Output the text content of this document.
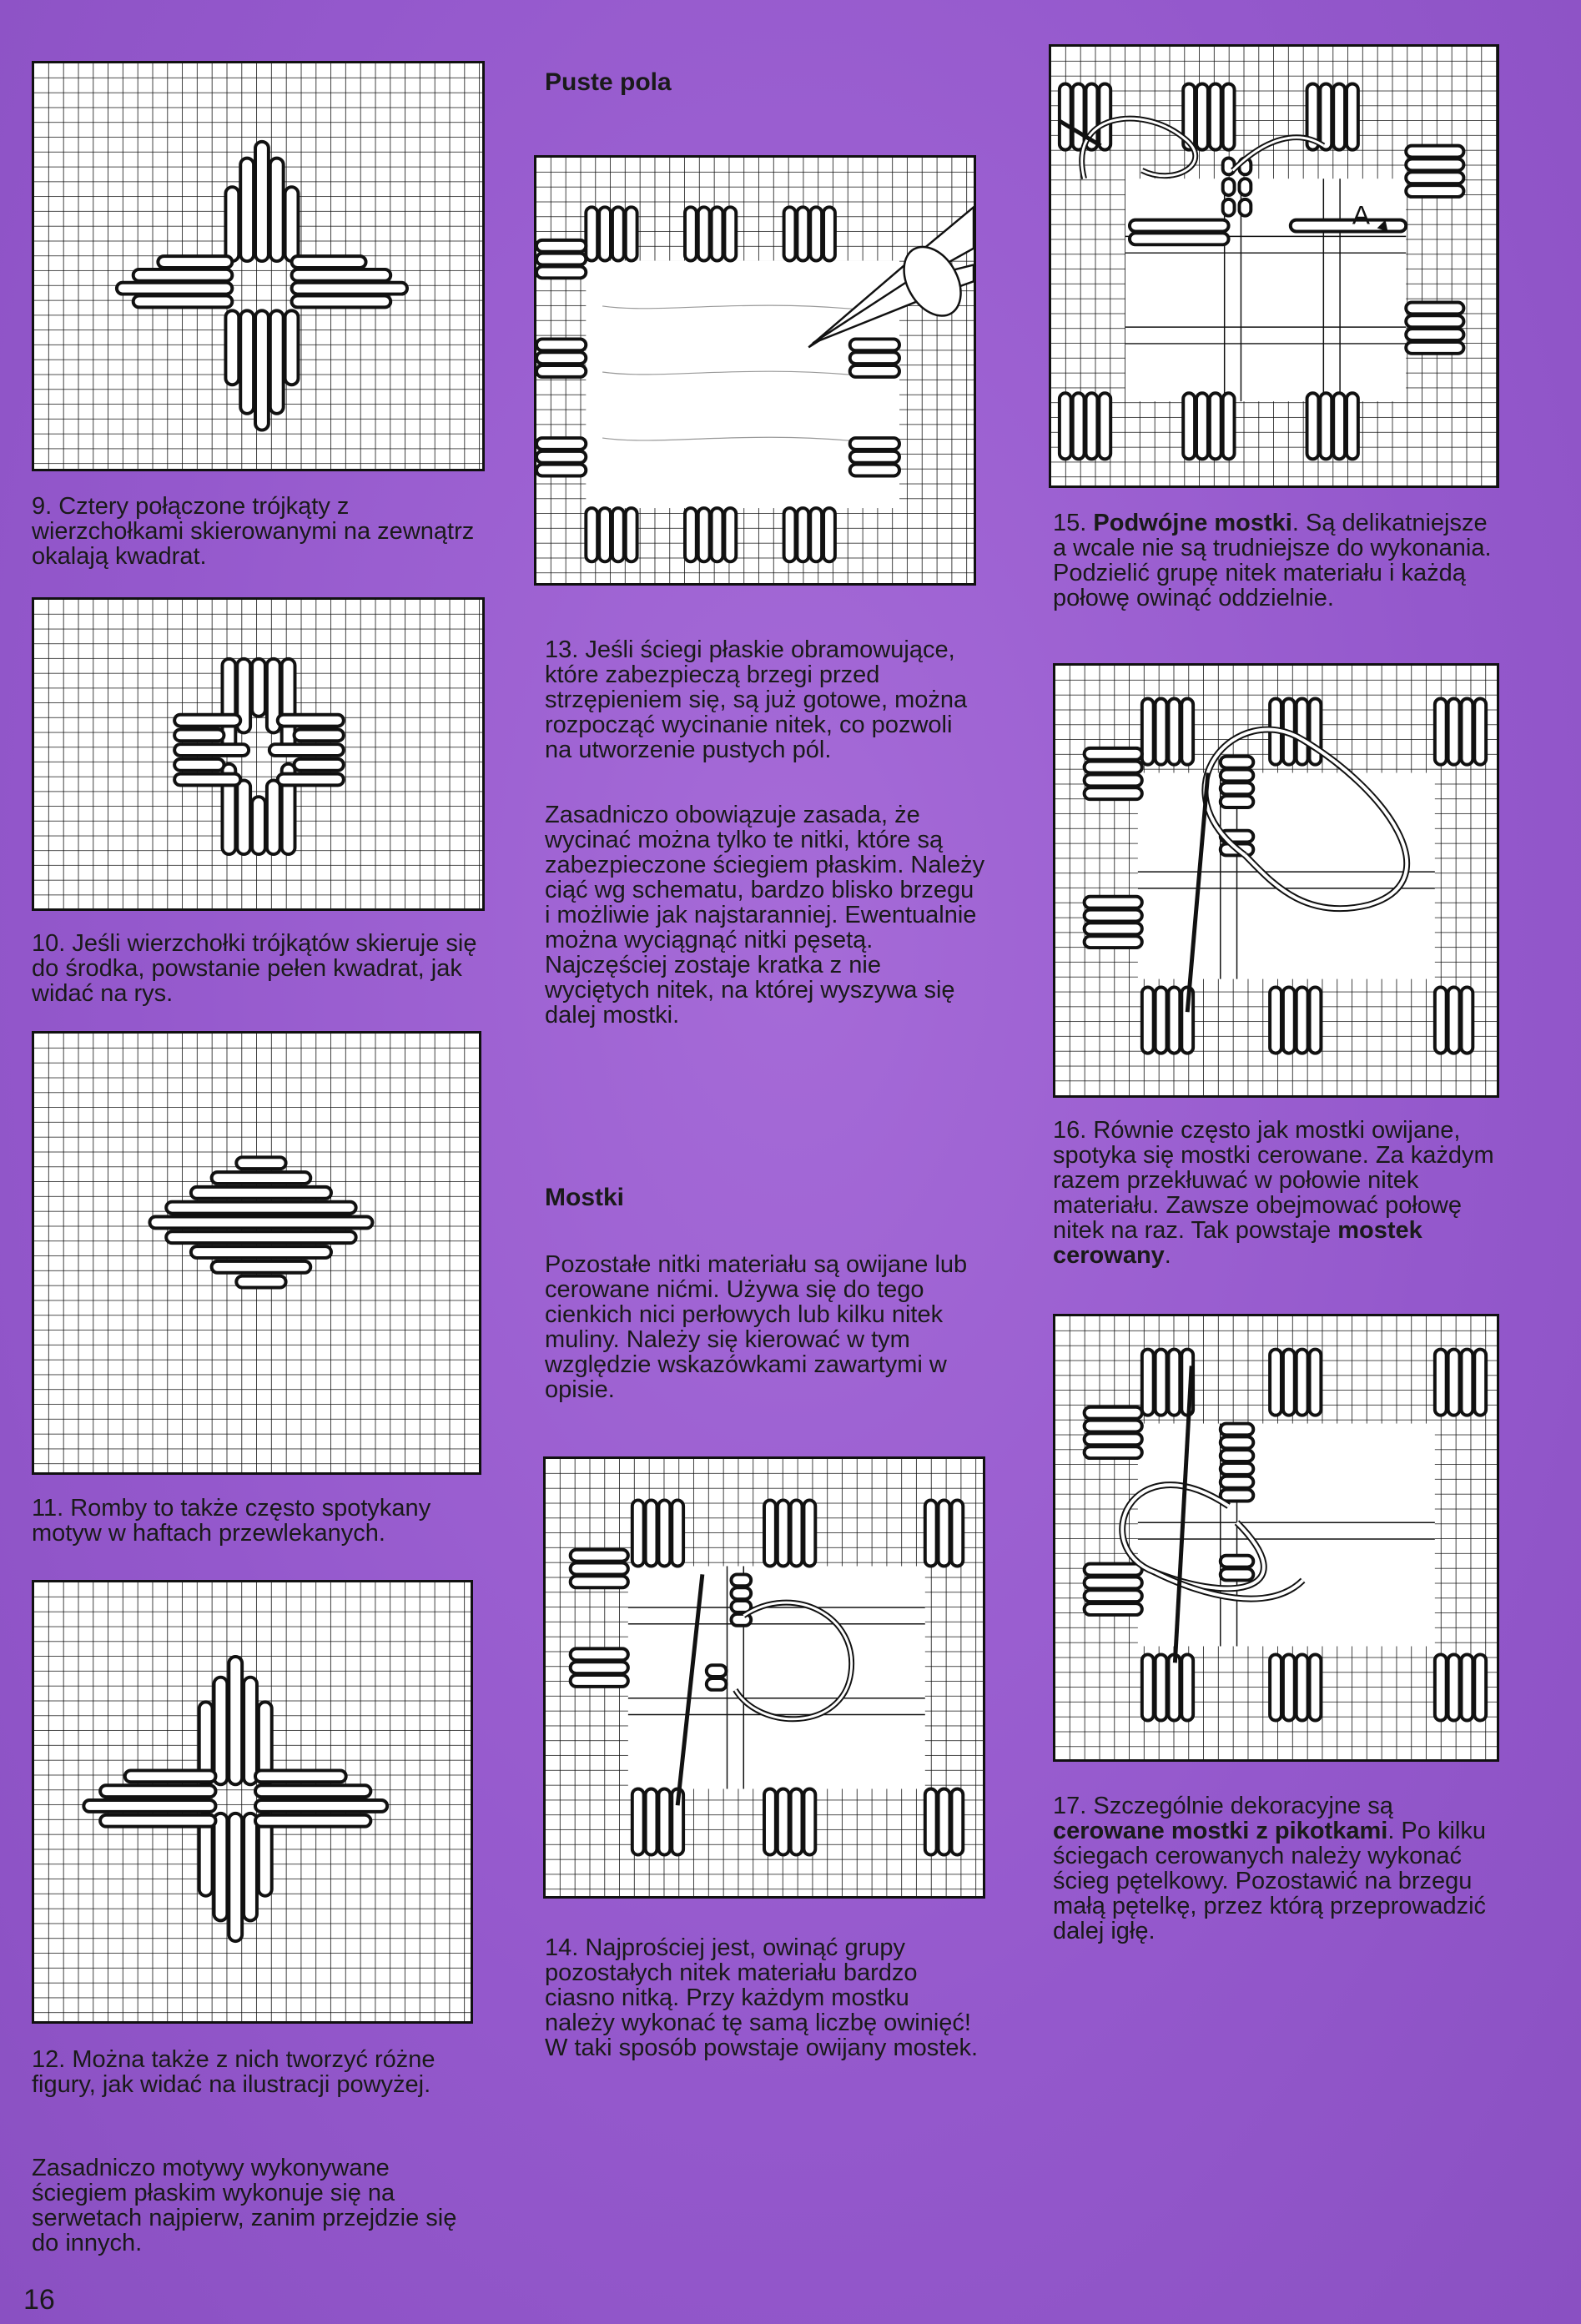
9. Cztery połączone trójkąty z wierzchołkami skierowanymi na zewnątrz okalają kwadrat.

10. Jeśli wierzchołki trójkątów skieruje się do środka, powstanie pełen kwadrat, jak widać na rys.

11. Romby to także często spotykany motyw w haftach przewlekanych.

12. Można także z nich tworzyć różne figury, jak widać na ilustracji powyżej.

Zasadniczo motywy wykonywane ściegiem płaskim wykonuje się na serwetach najpierw, zanim przejdzie się do innych.

16

Puste pola

13. Jeśli ściegi płaskie obramowujące, które zabezpieczą brzegi przed strzępieniem się, są już gotowe, można rozpocząć wycinanie nitek, co pozwoli na utworzenie pustych pól.

Zasadniczo obowiązuje zasada, że wycinać można tylko te nitki, które są zabezpieczone ściegiem płaskim. Należy ciąć wg schematu, bardzo blisko brzegu i możliwie jak najstaranniej. Ewentualnie można wyciągnąć nitki pęsetą. Najczęściej zostaje kratka z nie wyciętych nitek, na której wyszywa się dalej mostki.

Mostki

Pozostałe nitki materiału są owijane lub cerowane nićmi. Używa się do tego cienkich nici perłowych lub kilku nitek muliny. Należy się kierować w tym względzie wskazówkami zawartymi w opisie.

14. Najprościej jest, owinąć grupy pozostałych nitek materiału bardzo ciasno nitką. Przy każdym mostku należy wykonać tę samą liczbę owinięć! W taki sposób powstaje owijany mostek.

A

15. Podwójne mostki. Są delikatniejsze a wcale nie są trudniejsze do wykonania. Podzielić grupę nitek materiału i każdą połowę owinąć oddzielnie.

16. Równie często jak mostki owijane, spotyka się mostki cerowane. Za każdym razem przekłuwać w połowie nitek materiału. Zawsze obejmować połowę nitek na raz. Tak powstaje mostek cerowany.

17. Szczególnie dekoracyjne są cerowane mostki z pikotkami. Po kilku ściegach cerowanych należy wykonać ścieg pętelkowy. Pozostawić na brzegu małą pętelkę, przez którą przeprowadzić dalej igłę.
